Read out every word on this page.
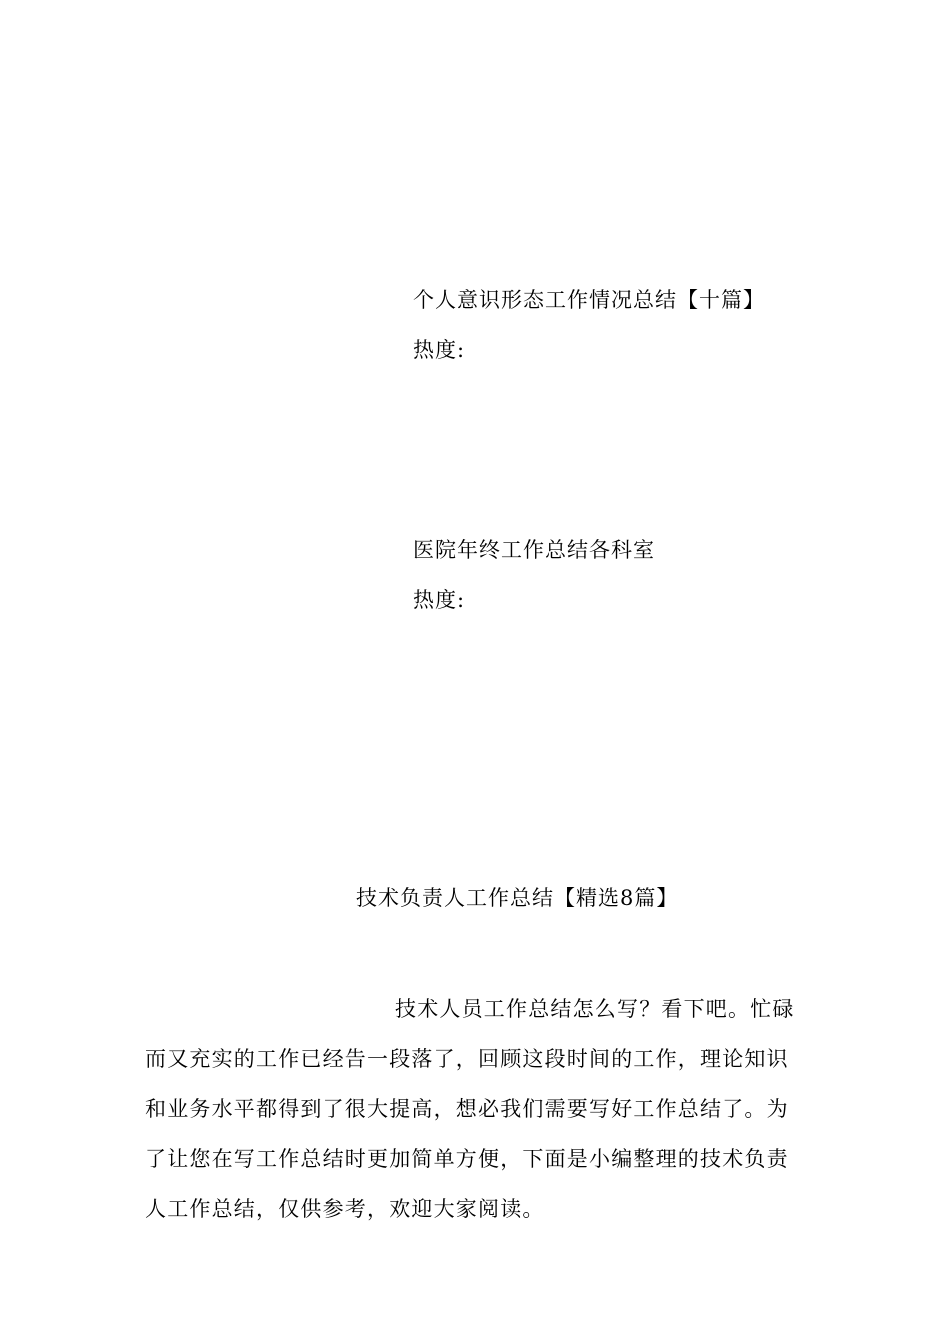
个人意识形态工作情况总结【十篇】
热度:
医院年终工作总结各科室
热度:
技术负责人工作总结【精选8篇】
技术人员工作总结怎么写？看下吧。忙碌
而又充实的工作已经告一段落了，回顾这段时间的工作，理论知识
和业务水平都得到了很大提高，想必我们需要写好工作总结了。为
了让您在写工作总结时更加简单方便，下面是小编整理的技术负责
人工作总结，仅供参考，欢迎大家阅读。
